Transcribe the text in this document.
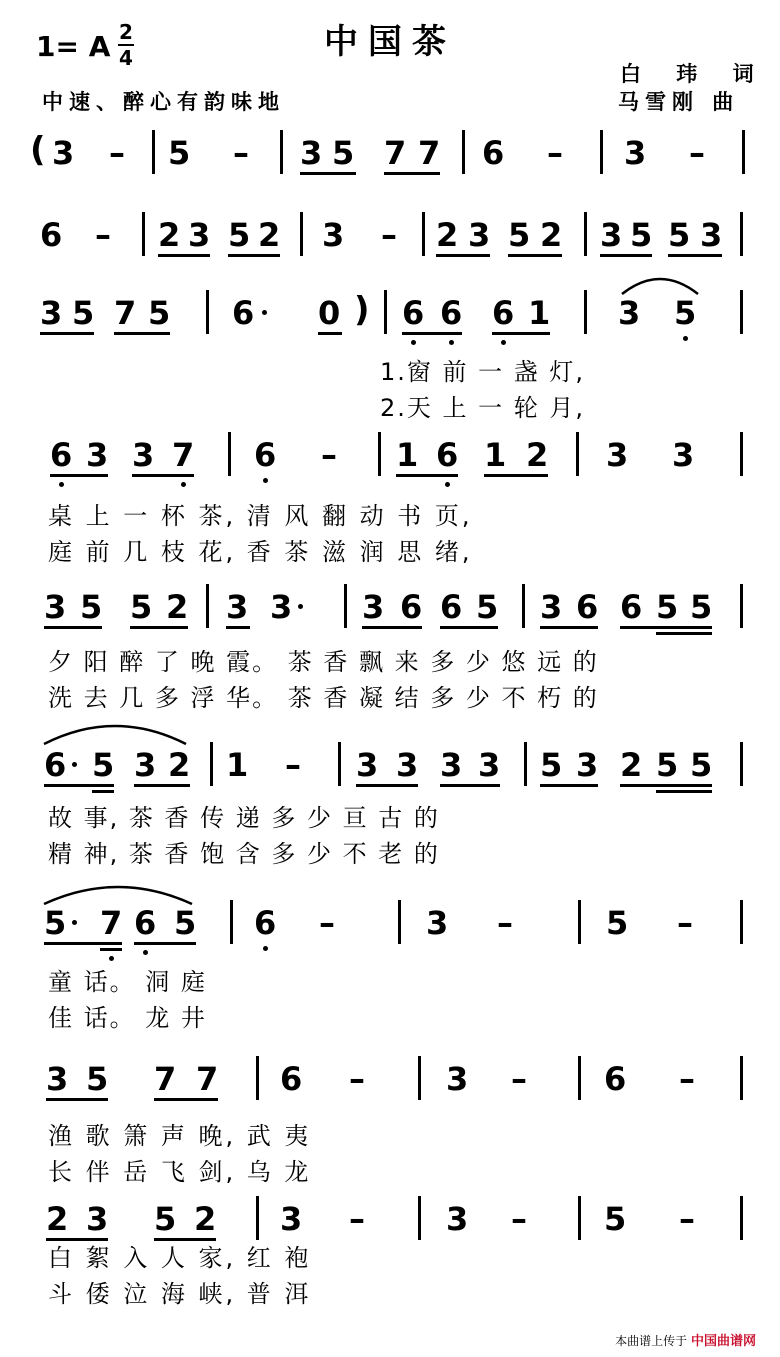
中国茶
1= A 2
4
白 玮 词
马雪刚 曲
中速、醉心有韵味地
( 3 – 5 – 3 5 7 7 6 – 3 –
6 – 2 3 5 2 3 – 2 3 5 2 3 5 5 3
3 5 7 5 6 0 ) 6 6 6 1 3 5
1.窗 前 一 盏 灯,
2.天 上 一 轮 月,
6 3 3 7 6 – 1 6 1 2 3 3
桌 上 一 杯 茶, 清 风 翻 动 书 页,
庭 前 几 枝 花, 香 茶 滋 润 思 绪,
3 5 5 2 3 3 3 6 6 5 3 6 6 5 5
夕 阳 醉 了 晚 霞。 茶 香 飘 来 多 少 悠 远 的
洗 去 几 多 浮 华。 茶 香 凝 结 多 少 不 朽 的
6 5 3 2 1 – 3 3 3 3 5 3 2 5 5
故 事, 茶 香 传 递 多 少 亘 古 的
精 神, 茶 香 饱 含 多 少 不 老 的
5 7 6 5 6 –	3 –	5 –
童 话。 洞 庭
佳 话。 龙 井
3 5 7 7 6 –	3 – 6 –
渔 歌 箫 声 晚, 武 夷
长 伴 岳 飞 剑, 乌 龙
2 3 5 2 3 –	3 – 5 –
白 絮 入 人 家, 红 袍
斗 倭 泣 海 峡, 普 洱
本曲谱上传于 中国曲谱网
